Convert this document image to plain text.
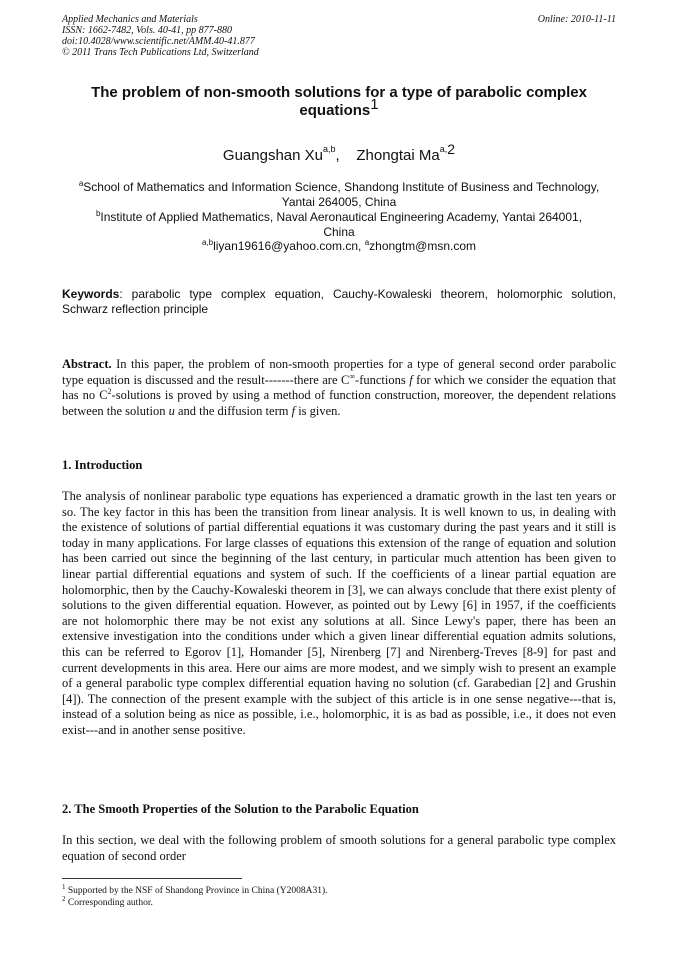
Applied Mechanics and Materials
ISSN: 1662-7482, Vols. 40-41, pp 877-880
doi:10.4028/www.scientific.net/AMM.40-41.877
© 2011 Trans Tech Publications Ltd, Switzerland
Online: 2010-11-11
The problem of non-smooth solutions for a type of parabolic complex
equations$^1$
Guangshan Xu$^{a,b}$, Zhongtai Ma$^{a,2}$
$^a$School of Mathematics and Information Science, Shandong Institute of Business and Technology,
Yantai 264005, China
$^b$Institute of Applied Mathematics, Naval Aeronautical Engineering Academy, Yantai 264001,
China
$^{a,b}$liyan19616@yahoo.com.cn, $^a$zhongtm@msn.com
Keywords: parabolic type complex equation, Cauchy-Kowaleski theorem, holomorphic solution, Schwarz reflection principle
Abstract. In this paper, the problem of non-smooth properties for a type of general second order parabolic type equation is discussed and the result-------there are C∞-functions f for which we consider the equation that has no $C^2$-solutions is proved by using a method of function construction, moreover, the dependent relations between the solution u and the diffusion term f is given.
1. Introduction
The analysis of nonlinear parabolic type equations has experienced a dramatic growth in the last ten years or so. The key factor in this has been the transition from linear analysis. It is well known to us, in dealing with the existence of solutions of partial differential equations it was customary during the past years and it still is today in many applications. For large classes of equations this extension of the range of equation and solution has been carried out since the beginning of the last century, in particular much attention has been given to linear partial differential equations and system of such. If the coefficients of a linear partial equation are holomorphic, then by the Cauchy-Kowaleski theorem in [3], we can always conclude that there exist plenty of solutions to the given differential equation. However, as pointed out by Lewy [6] in 1957, if the coefficients are not holomorphic there may be not exist any solutions at all. Since Lewy's paper, there has been an extensive investigation into the conditions under which a given linear differential equation admits solutions, this can be referred to Egorov [1], Homander [5], Nirenberg [7] and Nirenberg-Treves [8-9] for past and current developments in this area. Here our aims are more modest, and we simply wish to present an example of a general parabolic type complex differential equation having no solution (cf. Garabedian [2] and Grushin [4]). The connection of the present example with the subject of this article is in one sense negative---that is, instead of a solution being as nice as possible, i.e., holomorphic, it is as bad as possible, i.e., it does not even exist---and in another sense positive.
2. The Smooth Properties of the Solution to the Parabolic Equation
In this section, we deal with the following problem of smooth solutions for a general parabolic type complex equation of second order
$^1$ Supported by the NSF of Shandong Province in China (Y2008A31).
$^2$ Corresponding author.
